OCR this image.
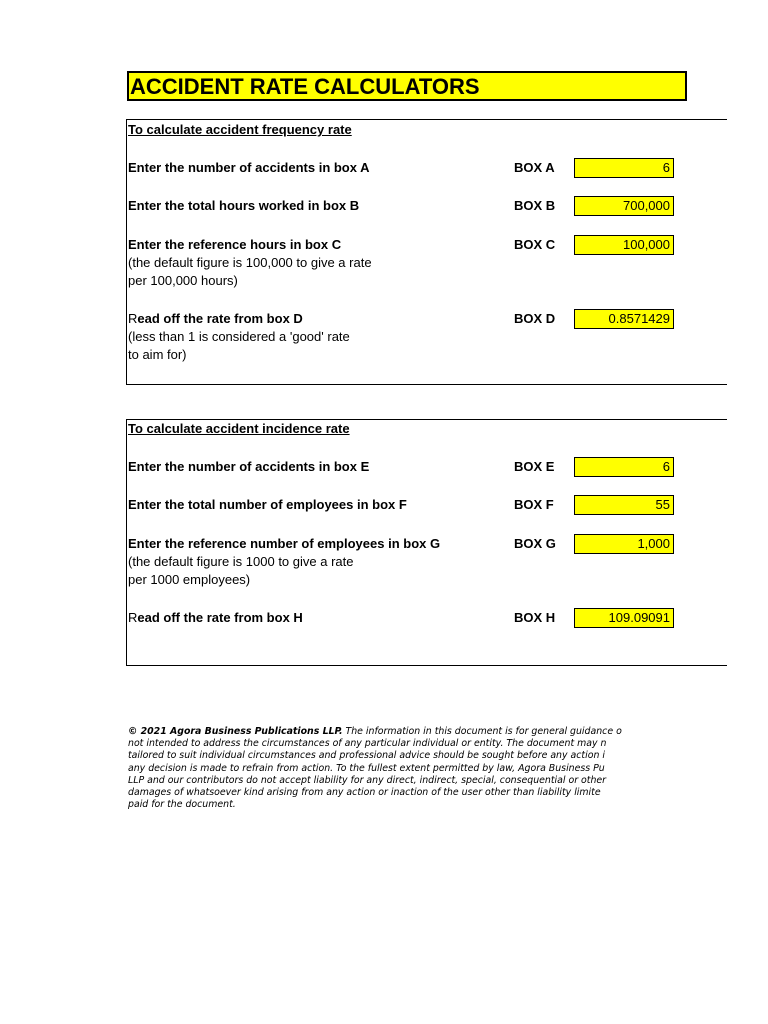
ACCIDENT RATE CALCULATORS
To calculate accident frequency rate
Enter the number of accidents in box A	BOX A	6
Enter the total hours worked in box B	BOX B	700,000
Enter the reference hours in box C
(the default figure is 100,000 to give a rate
per 100,000 hours)
BOX C	100,000
Read off the rate from box D
(less than 1 is considered a 'good' rate
to aim for)
BOX D	0.8571429
To calculate accident incidence rate
Enter the number of accidents in box E	BOX E	6
Enter the total number of employees in box F	BOX F	55
Enter the reference number of employees in box G
(the default figure is 1000 to give a rate
per 1000 employees)
BOX G	1,000
Read off the rate from box H	BOX H	109.09091
© 2021 Agora Business Publications LLP. The information in this document is for general guidance o
not intended to address the circumstances of any particular individual or entity. The document may n
tailored to suit individual circumstances and professional advice should be sought before any action i
any decision is made to refrain from action. To the fullest extent permitted by law, Agora Business Pu
LLP and our contributors do not accept liability for any direct, indirect, special, consequential or other
damages of whatsoever kind arising from any action or inaction of the user other than liability limite
paid for the document.
